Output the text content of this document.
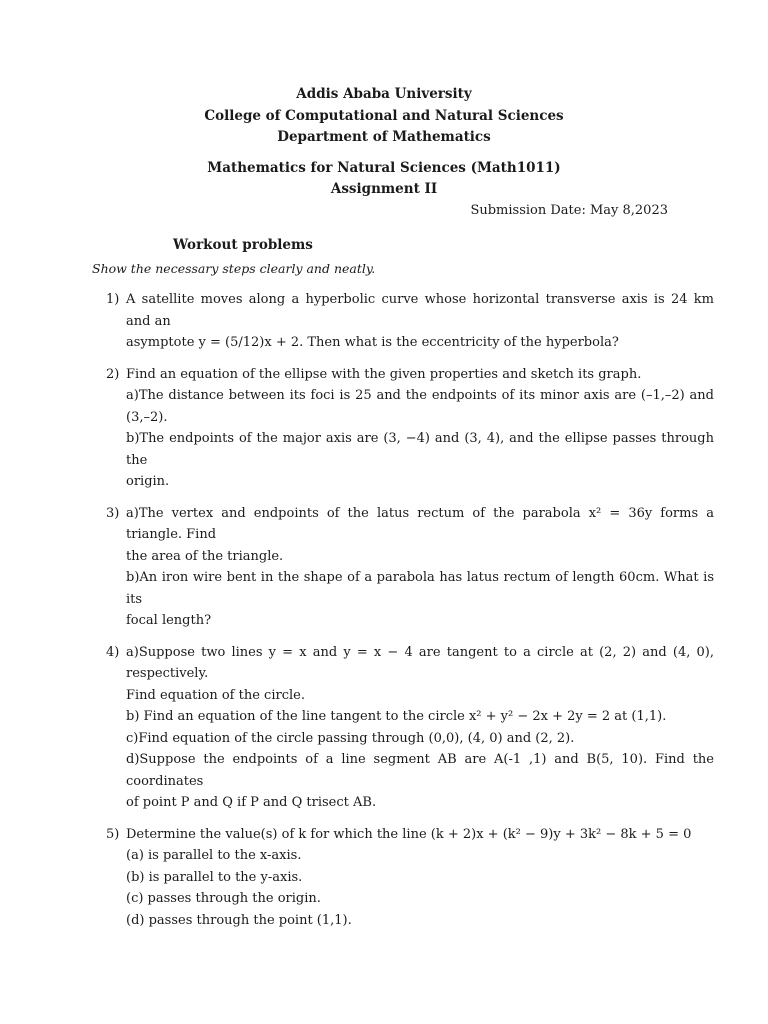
Addis Ababa University
College of Computational and Natural Sciences
Department of Mathematics
Mathematics for Natural Sciences (Math1011)
Assignment II
Submission Date: May 8,2023
Workout problems
Show the necessary steps clearly and neatly.
1) A satellite moves along a hyperbolic curve whose horizontal transverse axis is 24 km and an
asymptote y = (5/12)x + 2. Then what is the eccentricity of the hyperbola?
2) Find an equation of the ellipse with the given properties and sketch its graph.
a)The distance between its foci is 25 and the endpoints of its minor axis are (–1,–2) and (3,–2).
b)The endpoints of the major axis are (3, −4) and (3, 4), and the ellipse passes through the
origin.
3) a)The vertex and endpoints of the latus rectum of the parabola x² = 36y forms a triangle. Find
the area of the triangle.
b)An iron wire bent in the shape of a parabola has latus rectum of length 60cm. What is its
focal length?
4) a)Suppose two lines y = x and y = x − 4 are tangent to a circle at (2, 2) and (4, 0), respectively.
Find equation of the circle.
b) Find an equation of the line tangent to the circle x² + y² − 2x + 2y = 2 at (1,1).
c)Find equation of the circle passing through (0,0), (4, 0) and (2, 2).
d)Suppose the endpoints of a line segment AB are A(-1 ,1) and B(5, 10). Find the coordinates
of point P and Q if P and Q trisect AB.
5) Determine the value(s) of k for which the line (k + 2)x + (k² − 9)y + 3k² − 8k + 5 = 0
(a) is parallel to the x-axis.
(b) is parallel to the y-axis.
(c) passes through the origin.
(d) passes through the point (1,1).
